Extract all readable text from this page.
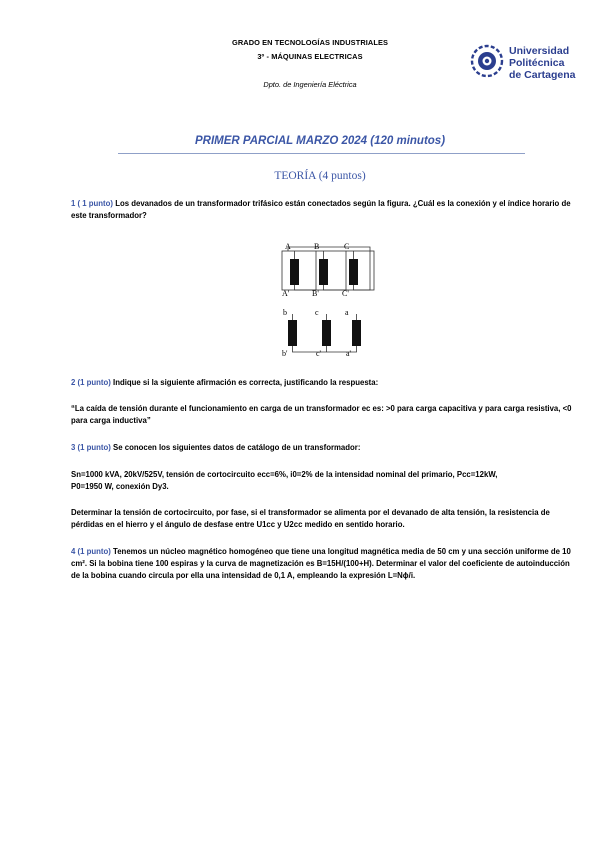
GRADO EN TECNOLOGÍAS INDUSTRIALES
3º - MÁQUINAS ELECTRICAS
Dpto. de Ingeniería Eléctrica
Universidad
Politécnica
de Cartagena
PRIMER PARCIAL MARZO 2024 (120 minutos)
TEORÍA (4 puntos)
1 ( 1 punto) Los devanados de un transformador trifásico están conectados según la figura. ¿Cuál es la conexión y el índice horario de este transformador?
A	B	C
A'	B'	C'
b	c	a
b'	c'	a'
2 (1 punto) Indique si la siguiente afirmación es correcta, justificando la respuesta:
“La caída de tensión durante el funcionamiento en carga de un transformador ec es: >0 para carga capacitiva y para carga resistiva, <0 para carga inductiva”
3 (1 punto) Se conocen los siguientes datos de catálogo de un transformador:
Sn=1000 kVA, 20kV/525V, tensión de cortocircuito ecc=6%, i0=2% de la intensidad nominal del primario, Pcc=12kW,
P0=1950 W, conexión Dy3.
Determinar la tensión de cortocircuito, por fase, si el transformador se alimenta por el devanado de alta tensión, la resistencia de pérdidas en el hierro y el ángulo de desfase entre U1cc y U2cc medido en sentido horario.
4 (1 punto) Tenemos un núcleo magnético homogéneo que tiene una longitud magnética media de 50 cm y una sección uniforme de 10 cm². Si la bobina tiene 100 espiras y la curva de magnetización es B=15H/(100+H). Determinar el valor del coeficiente de autoinducción de la bobina cuando circula por ella una intensidad de 0,1 A, empleando la expresión L=Nϕ/i.
